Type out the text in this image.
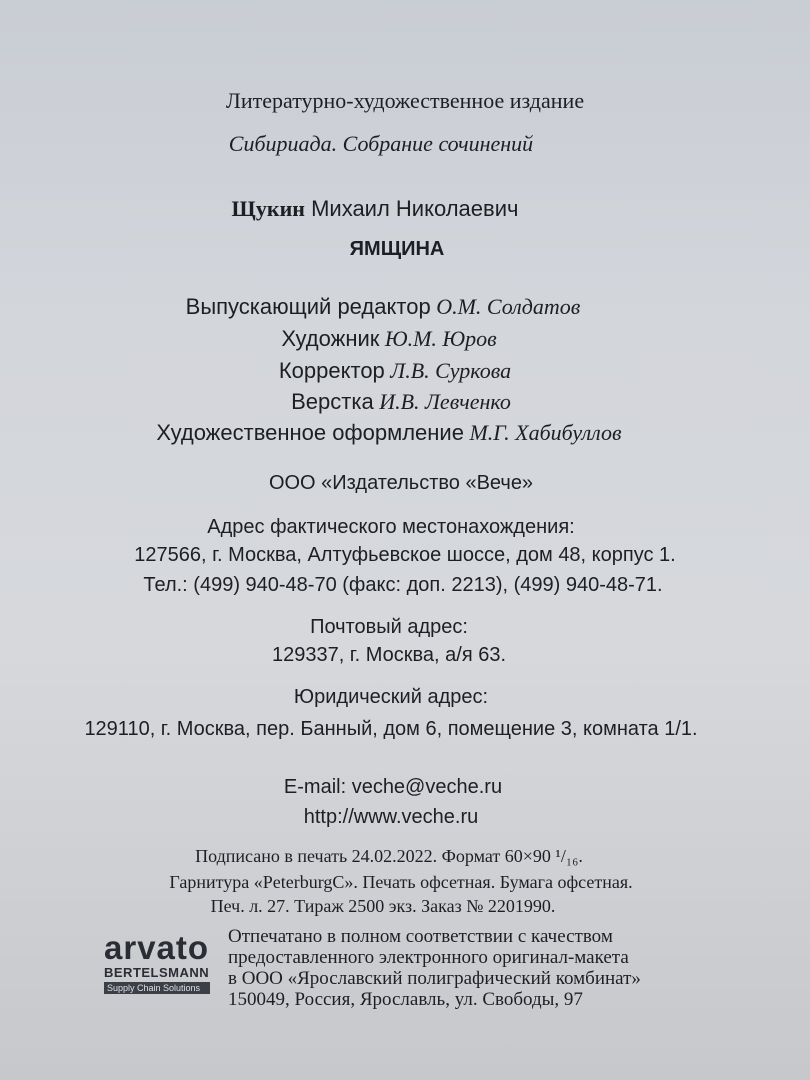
Литературно-художественное издание
Сибириада. Собрание сочинений
Щукин Михаил Николаевич
ЯМЩИНА
Выпускающий редактор О.М. Солдатов
Художник Ю.М. Юров
Корректор Л.В. Суркова
Верстка И.В. Левченко
Художественное оформление М.Г. Хабибуллов
ООО «Издательство «Вече»
Адрес фактического местонахождения:
127566, г. Москва, Алтуфьевское шоссе, дом 48, корпус 1.
Тел.: (499) 940-48-70 (факс: доп. 2213), (499) 940-48-71.
Почтовый адрес:
129337, г. Москва, а/я 63.
Юридический адрес:
129110, г. Москва, пер. Банный, дом 6, помещение 3, комната 1/1.
E-mail: veche@veche.ru
http://www.veche.ru
Подписано в печать 24.02.2022. Формат 60×90 ¹/₁₆.
Гарнитура «PeterburgC». Печать офсетная. Бумага офсетная.
Печ. л. 27. Тираж 2500 экз. Заказ № 2201990.
arvato
BERTELSMANN
Supply Chain Solutions
Отпечатано в полном соответствии с качеством
предоставленного электронного оригинал-макета
в ООО «Ярославский полиграфический комбинат»
150049, Россия, Ярославль, ул. Свободы, 97
